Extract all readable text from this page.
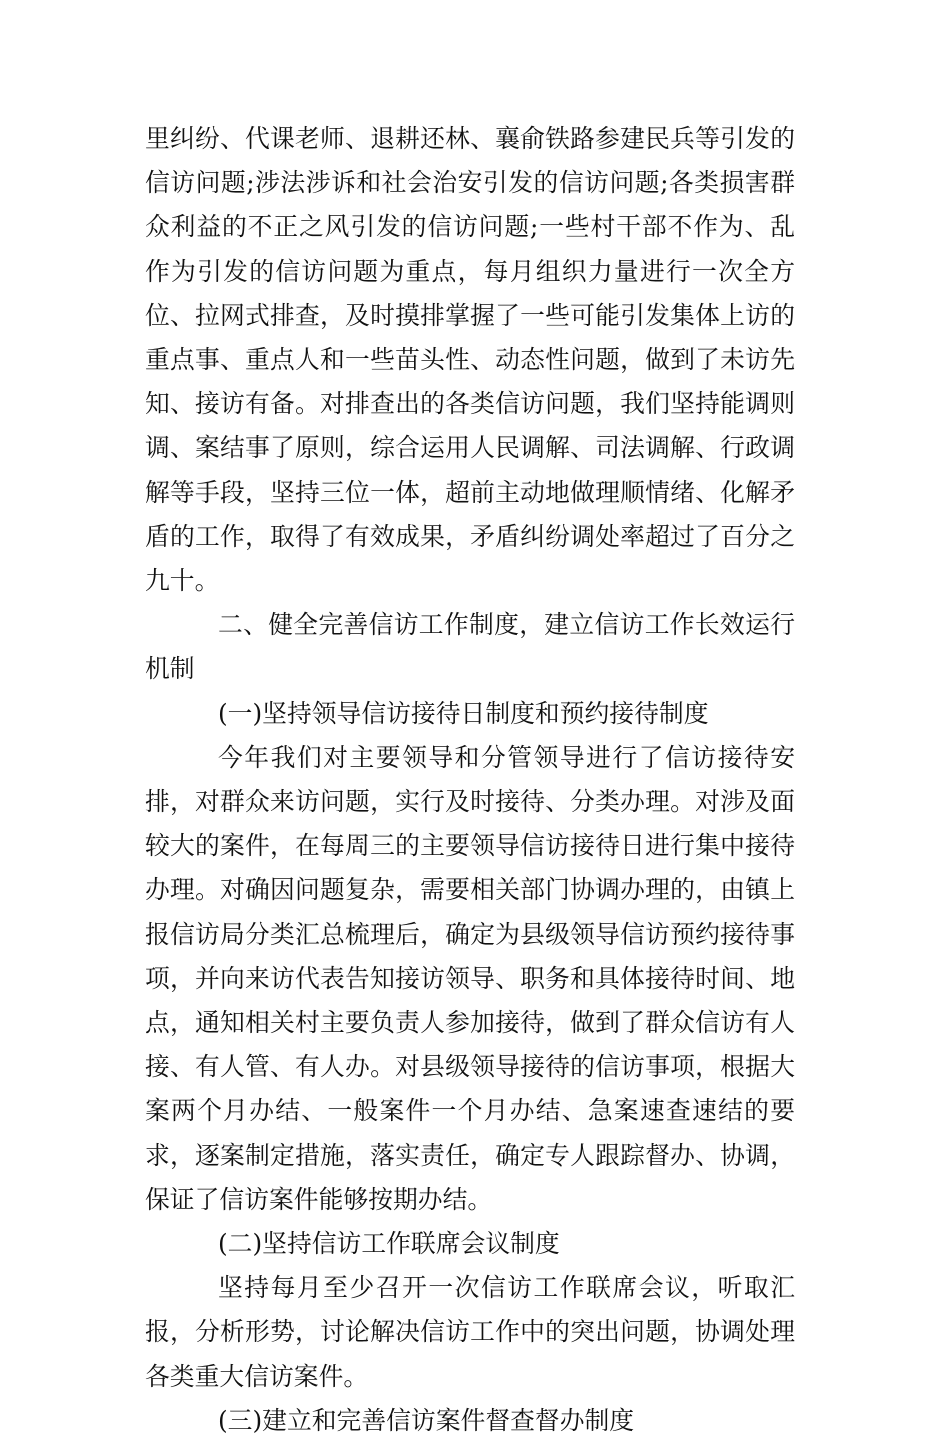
里纠纷、代课老师、退耕还林、襄俞铁路参建民兵等引发的信访问题;涉法涉诉和社会治安引发的信访问题;各类损害群众利益的不正之风引发的信访问题;一些村干部不作为、乱作为引发的信访问题为重点，每月组织力量进行一次全方位、拉网式排查，及时摸排掌握了一些可能引发集体上访的重点事、重点人和一些苗头性、动态性问题，做到了未访先知、接访有备。对排查出的各类信访问题，我们坚持能调则调、案结事了原则，综合运用人民调解、司法调解、行政调解等手段，坚持三位一体，超前主动地做理顺情绪、化解矛盾的工作，取得了有效成果，矛盾纠纷调处率超过了百分之九十。

二、健全完善信访工作制度，建立信访工作长效运行机制

(一)坚持领导信访接待日制度和预约接待制度

今年我们对主要领导和分管领导进行了信访接待安排，对群众来访问题，实行及时接待、分类办理。对涉及面较大的案件，在每周三的主要领导信访接待日进行集中接待办理。对确因问题复杂，需要相关部门协调办理的，由镇上报信访局分类汇总梳理后，确定为县级领导信访预约接待事项，并向来访代表告知接访领导、职务和具体接待时间、地点，通知相关村主要负责人参加接待，做到了群众信访有人接、有人管、有人办。对县级领导接待的信访事项，根据大案两个月办结、一般案件一个月办结、急案速查速结的要求，逐案制定措施，落实责任，确定专人跟踪督办、协调，保证了信访案件能够按期办结。

(二)坚持信访工作联席会议制度

坚持每月至少召开一次信访工作联席会议，听取汇报，分析形势，讨论解决信访工作中的突出问题，协调处理各类重大信访案件。

(三)建立和完善信访案件督查督办制度
